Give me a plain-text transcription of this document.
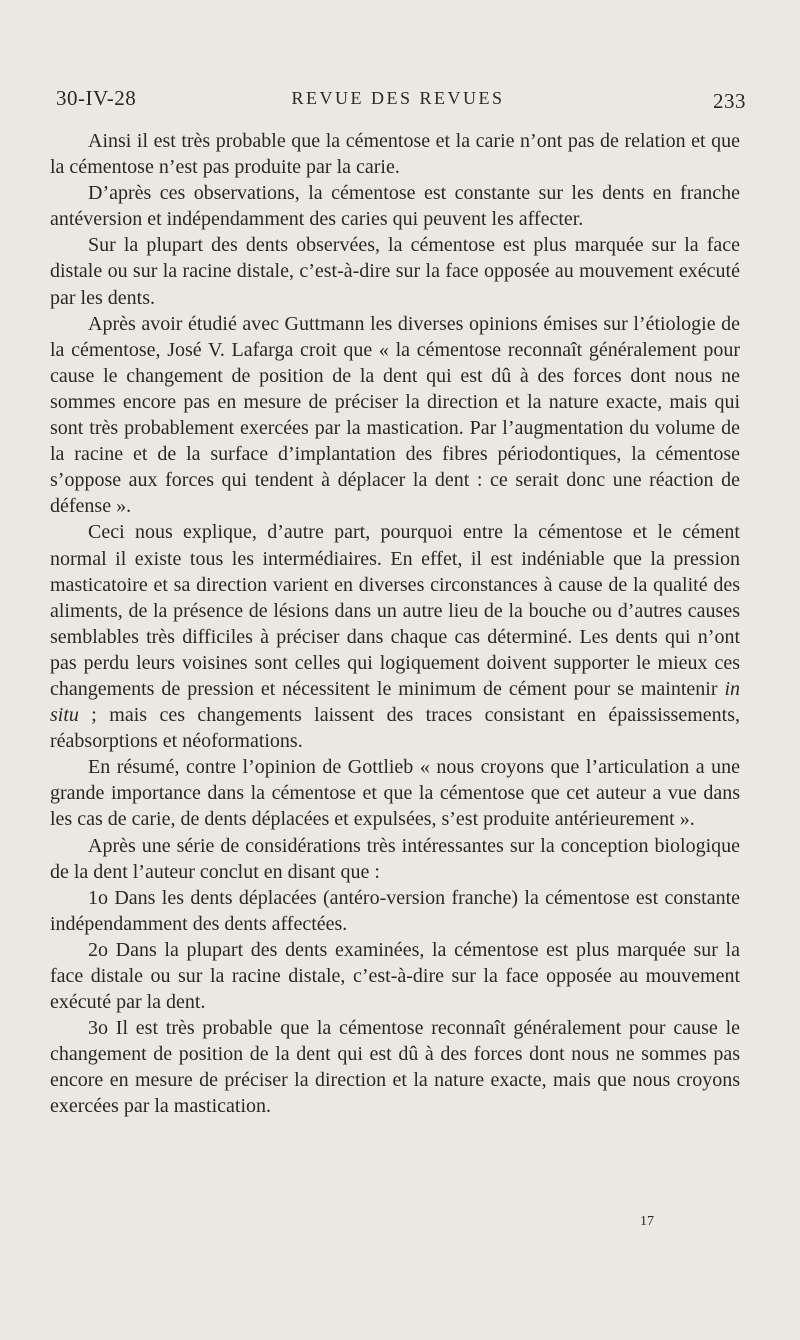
30-IV-28	REVUE DES REVUES	233

Ainsi il est très probable que la cémentose et la carie n’ont pas de relation et que la cémentose n’est pas produite par la carie.

D’après ces observations, la cémentose est constante sur les dents en franche antéversion et indépendamment des caries qui peuvent les affecter.

Sur la plupart des dents observées, la cémentose est plus marquée sur la face distale ou sur la racine distale, c’est-à-dire sur la face opposée au mouvement exécuté par les dents.

Après avoir étudié avec Guttmann les diverses opinions émises sur l’étiologie de la cémentose, José V. Lafarga croit que « la cémentose reconnaît généralement pour cause le changement de position de la dent qui est dû à des forces dont nous ne sommes encore pas en mesure de préciser la direction et la nature exacte, mais qui sont très probablement exercées par la mastication. Par l’augmentation du volume de la racine et de la surface d’implantation des fibres périodontiques, la cémentose s’oppose aux forces qui tendent à déplacer la dent : ce serait donc une réaction de défense ».

Ceci nous explique, d’autre part, pourquoi entre la cémentose et le cément normal il existe tous les intermédiaires. En effet, il est indéniable que la pression masticatoire et sa direction varient en diverses circonstances à cause de la qualité des aliments, de la présence de lésions dans un autre lieu de la bouche ou d’autres causes semblables très difficiles à préciser dans chaque cas déterminé. Les dents qui n’ont pas perdu leurs voisines sont celles qui logiquement doivent supporter le mieux ces changements de pression et nécessitent le minimum de cément pour se maintenir in situ ; mais ces changements laissent des traces consistant en épaississements, réabsorptions et néoformations.

En résumé, contre l’opinion de Gottlieb « nous croyons que l’articulation a une grande importance dans la cémentose et que la cémentose que cet auteur a vue dans les cas de carie, de dents déplacées et expulsées, s’est produite antérieurement ».

Après une série de considérations très intéressantes sur la conception biologique de la dent l’auteur conclut en disant que :

1o Dans les dents déplacées (antéro-version franche) la cémentose est constante indépendamment des dents affectées.

2o Dans la plupart des dents examinées, la cémentose est plus marquée sur la face distale ou sur la racine distale, c’est-à-dire sur la face opposée au mouvement exécuté par la dent.

3o Il est très probable que la cémentose reconnaît généralement pour cause le changement de position de la dent qui est dû à des forces dont nous ne sommes pas encore en mesure de préciser la direction et la nature exacte, mais que nous croyons exercées par la mastication.

17
